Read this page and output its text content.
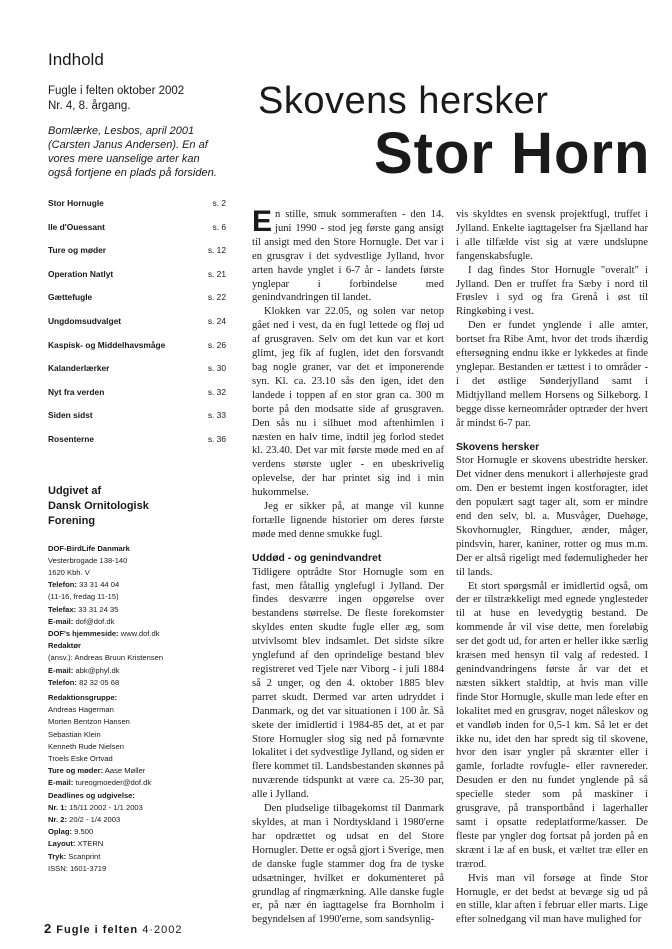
Indhold
Fugle i felten oktober 2002
Nr. 4, 8. årgang.
Bomlærke, Lesbos, april 2001 (Carsten Janus Andersen). En af vores mere uanselige arter kan også fortjene en plads på forsiden.
Stor Hornugle	s. 2
Ile d'Ouessant	s. 6
Ture og møder	s. 12
Operation Natlyt	s. 21
Gættefugle	s. 22
Ungdomsudvalget	s. 24
Kaspisk- og Middelhavsmåge	s. 26
Kalanderlærker	s. 30
Nyt fra verden	s. 32
Siden sidst	s. 33
Rosenterne	s. 36
Udgivet af
Dansk Ornitologisk
Forening
DOF-BirdLife Danmark
Vesterbrogade 138-140
1620 Kbh. V
Telefon: 33 31 44 04
(11-16, fredag 11-15)
Telefax: 33 31 24 35
E-mail: dof@dof.dk
DOF's hjemmeside: www.dof.dk
Redaktør
(ansv.): Andreas Bruun Kristensen
E-mail: abk@phyl.dk
Telefon: 82 32 05 68
Redaktionsgruppe:
Andreas Hagerman
Morten Bentzon Hansen
Sebastian Klein
Kenneth Rude Nielsen
Troels Eske Ortvad
Ture og møder: Aase Møller
E-mail: tureogmoeder@dof.dk
Deadlines og udgivelse:
Nr. 1: 15/11 2002 - 1/1 2003
Nr. 2: 20/2 - 1/4 2003
Oplag: 9.500
Layout: XTERN
Tryk: Scanprint
ISSN: 1601-3719
Skovens hersker
Stor Horn

En stille, smuk sommeraften - den 14. juni 1990 - stod jeg første gang ansigt til ansigt med den Store Hornugle. Det var i en grusgrav i det sydvestlige Jylland, hvor arten havde ynglet i 6-7 år - landets første ynglepar i forbindelse med genindvandringen til landet.

Klokken var 22.05, og solen var netop gået ned i vest, da en fugl lettede og fløj ud af grusgraven. Selv om det kun var et kort glimt, jeg fik af fuglen, idet den forsvandt bag nogle graner, var det et imponerende syn. Kl. ca. 23.10 sås den igen, idet den landede i toppen af en stor gran ca. 300 m borte på den modsatte side af grusgraven. Den sås nu i silhuet mod aftenhimlen i næsten en halv time, indtil jeg forlod stedet kl. 23.40. Det var mit første møde med en af verdens største ugler - en ubeskrivelig oplevelse, der har printet sig ind i min hukommelse.

Jeg er sikker på, at mange vil kunne fortælle lignende historier om deres første møde med denne smukke fugl.

Uddød - og genindvandret

Tidligere optrådte Stor Hornugle som en fast, men fåtallig ynglefugl i Jylland. Der findes desværre ingen opgørelse over bestandens størrelse. De fleste forekomster skyldes enten skudte fugle eller æg, som utvivlsomt blev indsamlet. Det sidste sikre ynglefund af den oprindelige bestand blev registreret ved Tjele nær Viborg - i juli 1884 så 2 unger, og den 4. oktober 1885 blev parret skudt. Dermed var arten udryddet i Danmark, og det var situationen i 100 år. Så skete der imidlertid i 1984-85 det, at et par Store Hornugler slog sig ned på fornævnte lokalitet i det sydvestlige Jylland, og siden er flere kommet til. Landsbestanden skønnes på nuværende tidspunkt at være ca. 25-30 par, alle i Jylland.

Den pludselige tilbagekomst til Danmark skyldes, at man i Nordtyskland i 1980'erne har opdrættet og udsat en del Store Hornugler. Dette er også gjort i Sverige, men de danske fugle stammer dog fra de tyske udsætninger, hvilket er dokumenteret på grundlag af ringmærkning. Alle danske fugle er, på nær én iagttagelse fra Bornholm i begyndelsen af 1990'erne, som sandsynlig-

vis skyldtes en svensk projektfugl, truffet i Jylland. Enkelte iagttagelser fra Sjælland har i alle tilfælde vist sig at være undslupne fangenskabsfugle.

I dag findes Stor Hornugle "overalt" i Jylland. Den er truffet fra Sæby i nord til Frøslev i syd og fra Grenå i øst til Ringkøbing i vest.

Den er fundet ynglende i alle amter, bortset fra Ribe Amt, hvor det trods ihærdig eftersøgning endnu ikke er lykkedes at finde ynglepar. Bestanden er tættest i to områder - i det østlige Sønderjylland samt i Midtjylland mellem Horsens og Silkeborg. I begge disse kerneområder optræder der hvert år mindst 6-7 par.

Skovens hersker

Stor Hornugle er skovens ubestridte hersker. Det vidner dens menukort i allerhøjeste grad om. Den er bestemt ingen kostforagter, idet den populært sagt tager alt, som er mindre end den selv, bl. a. Musvåger, Duehøge, Skovhornugler, Ringduer, ænder, måger, pindsvin, harer, kaniner, rotter og mus m.m. Der er altså rigeligt med fødemuligheder her til lands.

Et stort spørgsmål er imidlertid også, om der er tilstrækkeligt med egnede ynglesteder til at huse en levedygtig bestand. De kommende år vil vise dette, men foreløbig ser det godt ud, for arten er heller ikke særlig kræsen med hensyn til valg af redested. I genindvandringens første år var det et næsten sikkert staldtip, at hvis man ville finde Stor Hornugle, skulle man lede efter en lokalitet med en grusgrav, noget nåleskov og et vandløb inden for 0,5-1 km. Så let er det ikke nu, idet den har spredt sig til skovene, hvor den især yngler på skrænter eller i gamle, forladte rovfugle- eller ravnereder. Desuden er den nu fundet ynglende på så specielle steder som på maskiner i grusgrave, på transportbånd i lagerhaller samt i opsatte redeplatforme/kasser. De fleste par yngler dog fortsat på jorden på en skrænt i læ af en busk, et væltet træ eller en trærod.

Hvis man vil forsøge at finde Stor Hornugle, er det bedst at bevæge sig ud på en stille, klar aften i februar eller marts. Lige efter solnedgang vil man have mulighed for

2 Fugle i felten 4·2002
